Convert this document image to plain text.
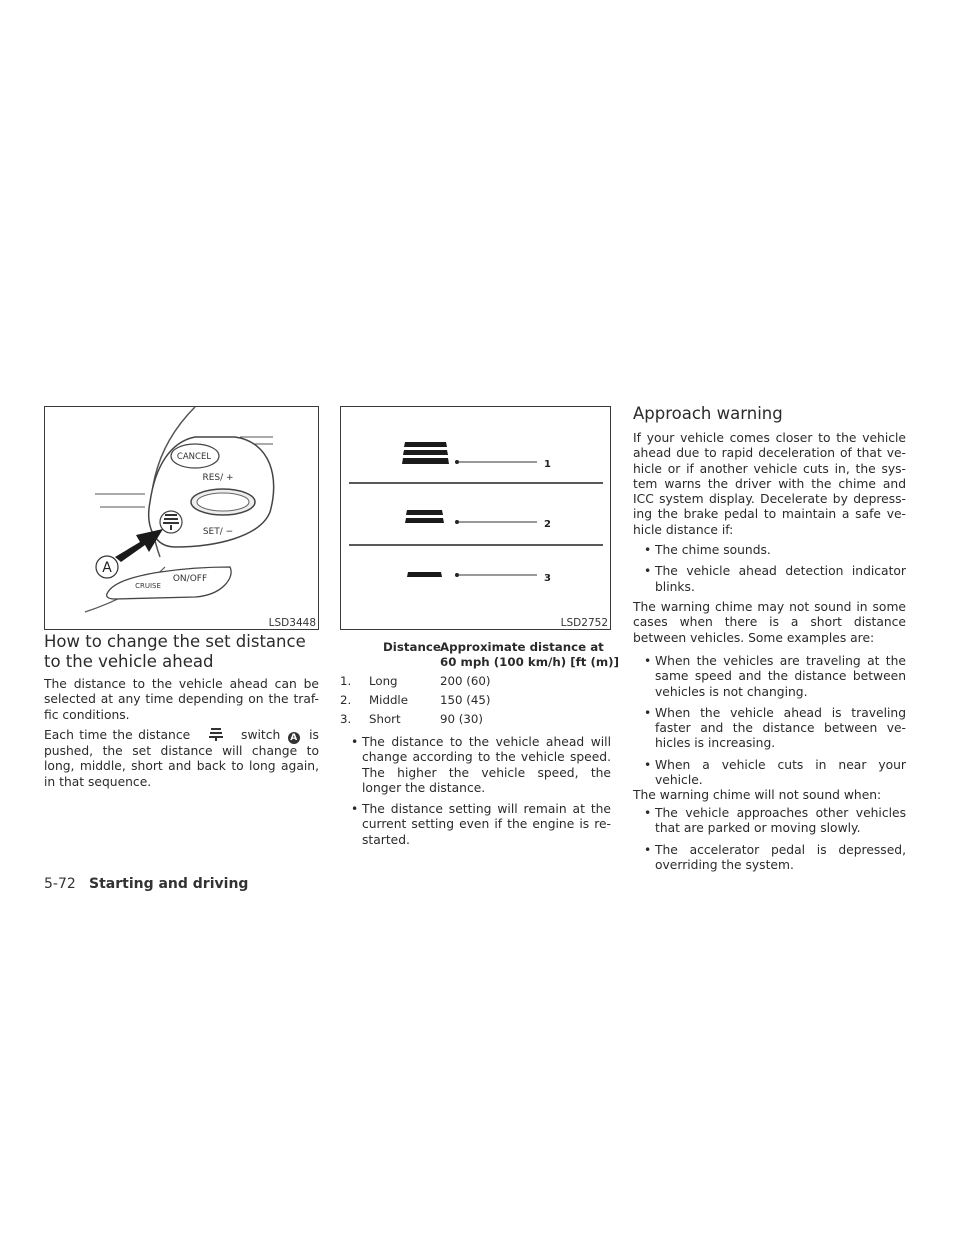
A
CANCEL
RES/ +
SET/ −
CRUISE
ON/OFF
LSD3448
1
2
3
LSD2752
How to change the set distance
to the vehicle ahead

The distance to the vehicle ahead can be selected at any time depending on the traf- fic conditions.

Each time the distance	switch A is pushed, the set distance will change to long, middle, short and back to long again, in that sequence.

Distance Approximate distance at
60 mph (100 km/h) [ft (m)]
1. Long	200 (60)
2. Middle	150 (45)
3. Short	90 (30)
• The distance to the vehicle ahead will change according to the vehicle speed. The higher the vehicle speed, the longer the distance.
• The distance setting will remain at the current setting even if the engine is re- started.
Approach warning

If your vehicle comes closer to the vehicle ahead due to rapid deceleration of that ve- hicle or if another vehicle cuts in, the sys- tem warns the driver with the chime and ICC system display. Decelerate by depress- ing the brake pedal to maintain a safe ve- hicle distance if:

• The chime sounds.
• The vehicle ahead detection indicator blinks.

The warning chime may not sound in some cases when there is a short distance between vehicles. Some examples are:

• When the vehicles are traveling at the same speed and the distance between vehicles is not changing.
• When the vehicle ahead is traveling faster and the distance between ve- hicles is increasing.
• When a vehicle cuts in near your vehicle.

The warning chime will not sound when:

• The vehicle approaches other vehicles that are parked or moving slowly.
• The accelerator pedal is depressed, overriding the system.
5-72 Starting and driving
